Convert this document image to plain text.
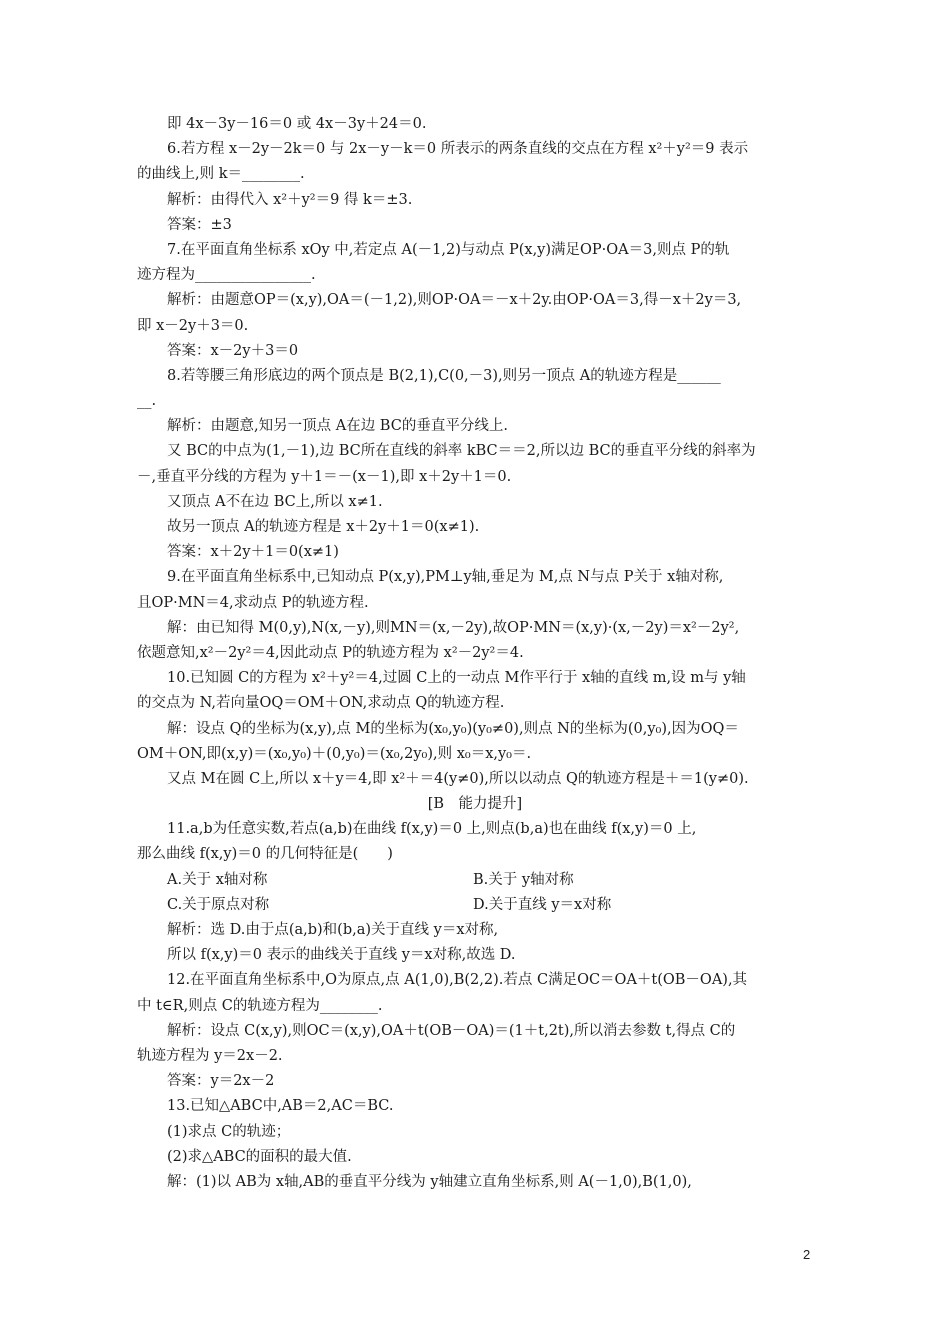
即 4x－3y－16＝0 或 4x－3y＋24＝0.
6.若方程 x－2y－2k＝0 与 2x－y－k＝0 所表示的两条直线的交点在方程 x²＋y²＝9 表示
的曲线上,则 k＝________.
解析：由得代入 x²＋y²＝9 得 k＝±3.
答案：±3
7.在平面直角坐标系 xOy 中,若定点 A(－1,2)与动点 P(x,y)满足OP·OA＝3,则点 P的轨
迹方程为________________.
解析：由题意OP＝(x,y),OA＝(－1,2),则OP·OA＝－x＋2y.由OP·OA＝3,得－x＋2y＝3,
即 x－2y＋3＝0.
答案：x－2y＋3＝0
8.若等腰三角形底边的两个顶点是 B(2,1),C(0,－3),则另一顶点 A的轨迹方程是______
__.
解析：由题意,知另一顶点 A在边 BC的垂直平分线上.
又 BC的中点为(1,－1),边 BC所在直线的斜率 kBC＝＝2,所以边 BC的垂直平分线的斜率为
－,垂直平分线的方程为 y＋1＝－(x－1),即 x＋2y＋1＝0.
又顶点 A不在边 BC上,所以 x≠1.
故另一顶点 A的轨迹方程是 x＋2y＋1＝0(x≠1).
答案：x＋2y＋1＝0(x≠1)
9.在平面直角坐标系中,已知动点 P(x,y),PM⊥y轴,垂足为 M,点 N与点 P关于 x轴对称,
且OP·MN＝4,求动点 P的轨迹方程.
解：由已知得 M(0,y),N(x,－y),则MN＝(x,－2y),故OP·MN＝(x,y)·(x,－2y)＝x²－2y²,
依题意知,x²－2y²＝4,因此动点 P的轨迹方程为 x²－2y²＝4.
10.已知圆 C的方程为 x²＋y²＝4,过圆 C上的一动点 M作平行于 x轴的直线 m,设 m与 y轴
的交点为 N,若向量OQ＝OM＋ON,求动点 Q的轨迹方程.
解：设点 Q的坐标为(x,y),点 M的坐标为(x₀,y₀)(y₀≠0),则点 N的坐标为(0,y₀),因为OQ＝
OM＋ON,即(x,y)＝(x₀,y₀)＋(0,y₀)＝(x₀,2y₀),则 x₀＝x,y₀＝.
又点 M在圆 C上,所以 x＋y＝4,即 x²＋＝4(y≠0),所以以动点 Q的轨迹方程是＋＝1(y≠0).
[B　能力提升]
11.a,b为任意实数,若点(a,b)在曲线 f(x,y)＝0 上,则点(b,a)也在曲线 f(x,y)＝0 上,
那么曲线 f(x,y)＝0 的几何特征是(　　)
A.关于 x轴对称	B.关于 y轴对称
C.关于原点对称	D.关于直线 y＝x对称
解析：选 D.由于点(a,b)和(b,a)关于直线 y＝x对称,
所以 f(x,y)＝0 表示的曲线关于直线 y＝x对称,故选 D.
12.在平面直角坐标系中,O为原点,点 A(1,0),B(2,2).若点 C满足OC＝OA＋t(OB－OA),其
中 t∈R,则点 C的轨迹方程为________.
解析：设点 C(x,y),则OC＝(x,y),OA＋t(OB－OA)＝(1＋t,2t),所以消去参数 t,得点 C的
轨迹方程为 y＝2x－2.
答案：y＝2x－2
13.已知△ABC中,AB＝2,AC＝BC.
(1)求点 C的轨迹；
(2)求△ABC的面积的最大值.
解：(1)以 AB为 x轴,AB的垂直平分线为 y轴建立直角坐标系,则 A(－1,0),B(1,0),
2
